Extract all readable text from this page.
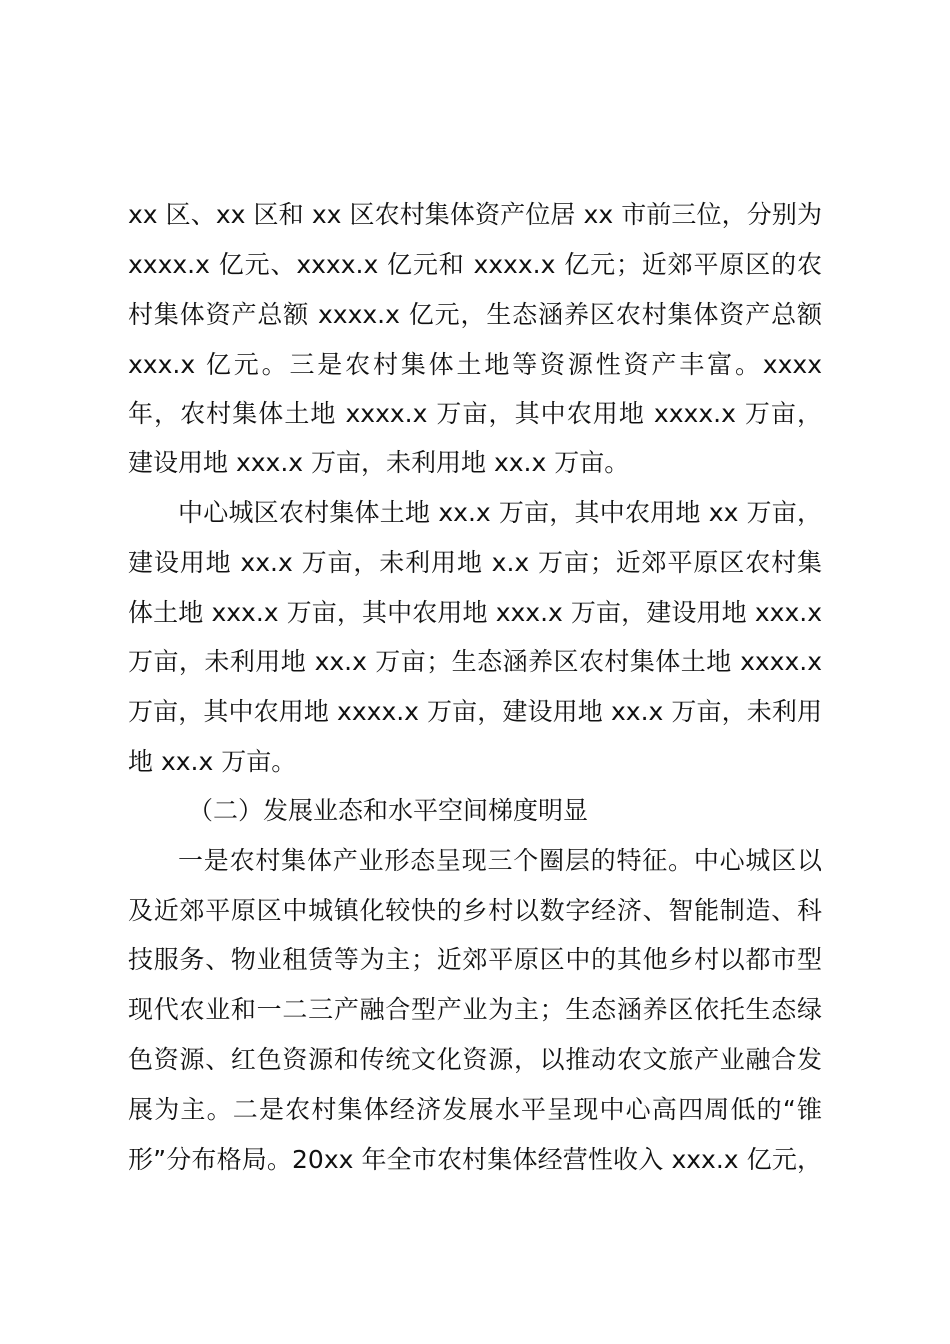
xx 区、xx 区和 xx 区农村集体资产位居 xx 市前三位，分别为
xxxx.x 亿元、xxxx.x 亿元和 xxxx.x 亿元；近郊平原区的农
村集体资产总额 xxxx.x 亿元，生态涵养区农村集体资产总额
xxx.x 亿元。三是农村集体土地等资源性资产丰富。xxxx
年，农村集体土地 xxxx.x 万亩，其中农用地 xxxx.x 万亩，
建设用地 xxx.x 万亩，未利用地 xx.x 万亩。
中心城区农村集体土地 xx.x 万亩，其中农用地 xx 万亩，
建设用地 xx.x 万亩，未利用地 x.x 万亩；近郊平原区农村集
体土地 xxx.x 万亩，其中农用地 xxx.x 万亩，建设用地 xxx.x
万亩，未利用地 xx.x 万亩；生态涵养区农村集体土地 xxxx.x
万亩，其中农用地 xxxx.x 万亩，建设用地 xx.x 万亩，未利用
地 xx.x 万亩。
（二）发展业态和水平空间梯度明显
一是农村集体产业形态呈现三个圈层的特征。中心城区以
及近郊平原区中城镇化较快的乡村以数字经济、智能制造、科
技服务、物业租赁等为主；近郊平原区中的其他乡村以都市型
现代农业和一二三产融合型产业为主；生态涵养区依托生态绿
色资源、红色资源和传统文化资源，以推动农文旅产业融合发
展为主。二是农村集体经济发展水平呈现中心高四周低的“锥
形”分布格局。20xx 年全市农村集体经营性收入 xxx.x 亿元，
